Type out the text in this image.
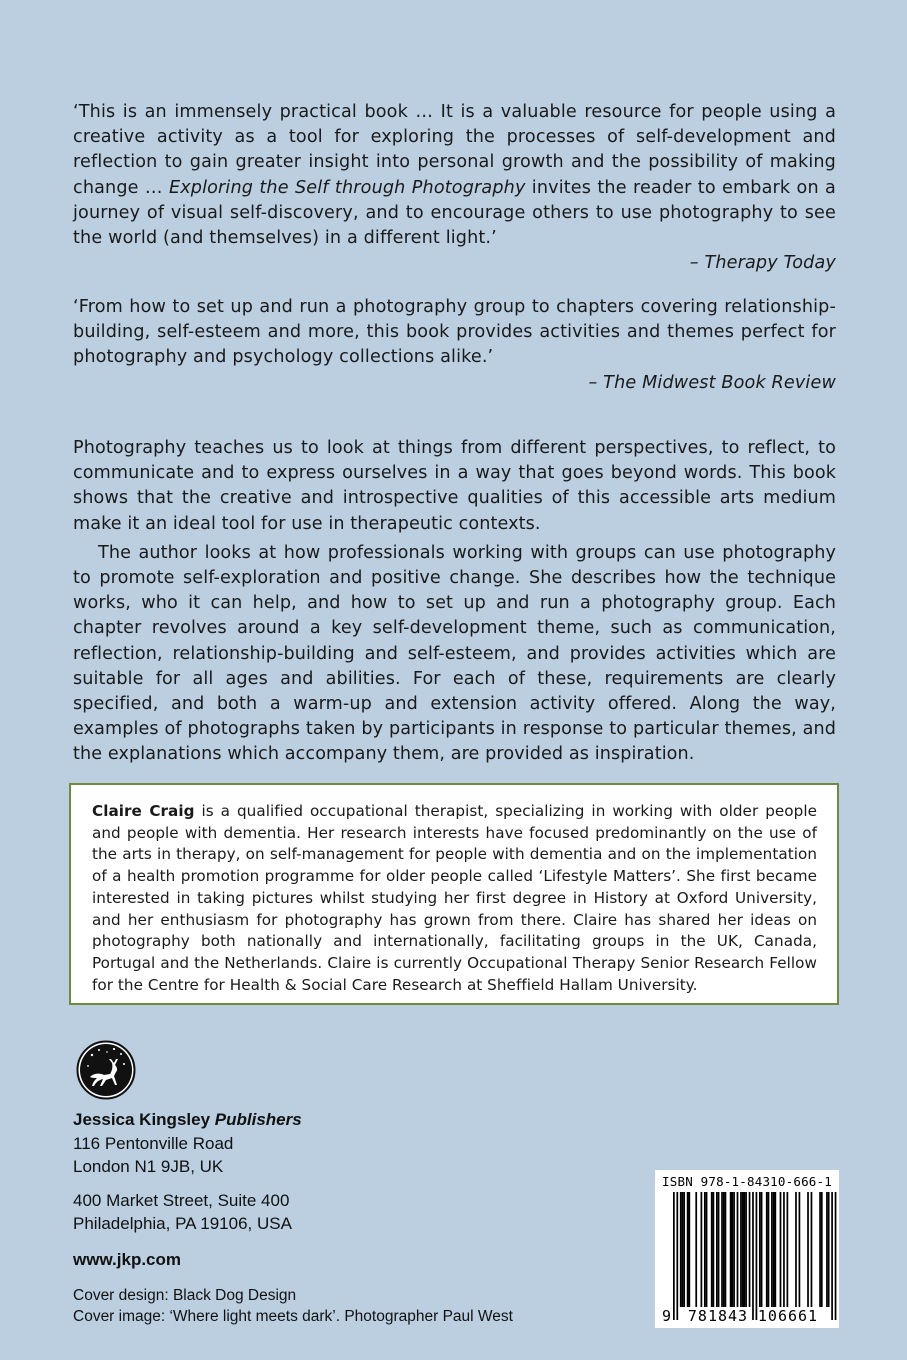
‘This is an immensely practical book … It is a valuable resource for people using a creative activity as a tool for exploring the processes of self-development and reflection to gain greater insight into personal growth and the possibility of making change … Exploring the Self through Photography invites the reader to embark on a journey of visual self-discovery, and to encourage others to use photography to see the world (and themselves) in a different light.’

– Therapy Today

‘From how to set up and run a photography group to chapters covering relationship-building, self-esteem and more, this book provides activities and themes perfect for photography and psychology collections alike.’

– The Midwest Book Review

Photography teaches us to look at things from different perspectives, to reflect, to communicate and to express ourselves in a way that goes beyond words. This book shows that the creative and introspective qualities of this accessible arts medium make it an ideal tool for use in therapeutic contexts.

The author looks at how professionals working with groups can use photography to promote self-exploration and positive change. She describes how the technique works, who it can help, and how to set up and run a photography group. Each chapter revolves around a key self-development theme, such as communication, reflection, relationship-building and self-esteem, and provides activities which are suitable for all ages and abilities. For each of these, requirements are clearly specified, and both a warm-up and extension activity offered. Along the way, examples of photographs taken by participants in response to particular themes, and the explanations which accompany them, are provided as inspiration.

Claire Craig is a qualified occupational therapist, specializing in working with older people and people with dementia. Her research interests have focused predominantly on the use of the arts in therapy, on self-management for people with dementia and on the implementation of a health promotion programme for older people called ‘Lifestyle Matters’. She first became interested in taking pictures whilst studying her first degree in History at Oxford University, and her enthusiasm for photography has grown from there. Claire has shared her ideas on photography both nationally and internationally, facilitating groups in the UK, Canada, Portugal and the Netherlands. Claire is currently Occupational Therapy Senior Research Fellow for the Centre for Health & Social Care Research at Sheffield Hallam University.

Jessica Kingsley Publishers
116 Pentonville Road
London N1 9JB, UK
400 Market Street, Suite 400
Philadelphia, PA 19106, USA
www.jkp.com
Cover design: Black Dog Design
Cover image: ‘Where light meets dark’. Photographer Paul West
ISBN 978-1-84310-666-1
9 781843 106661
